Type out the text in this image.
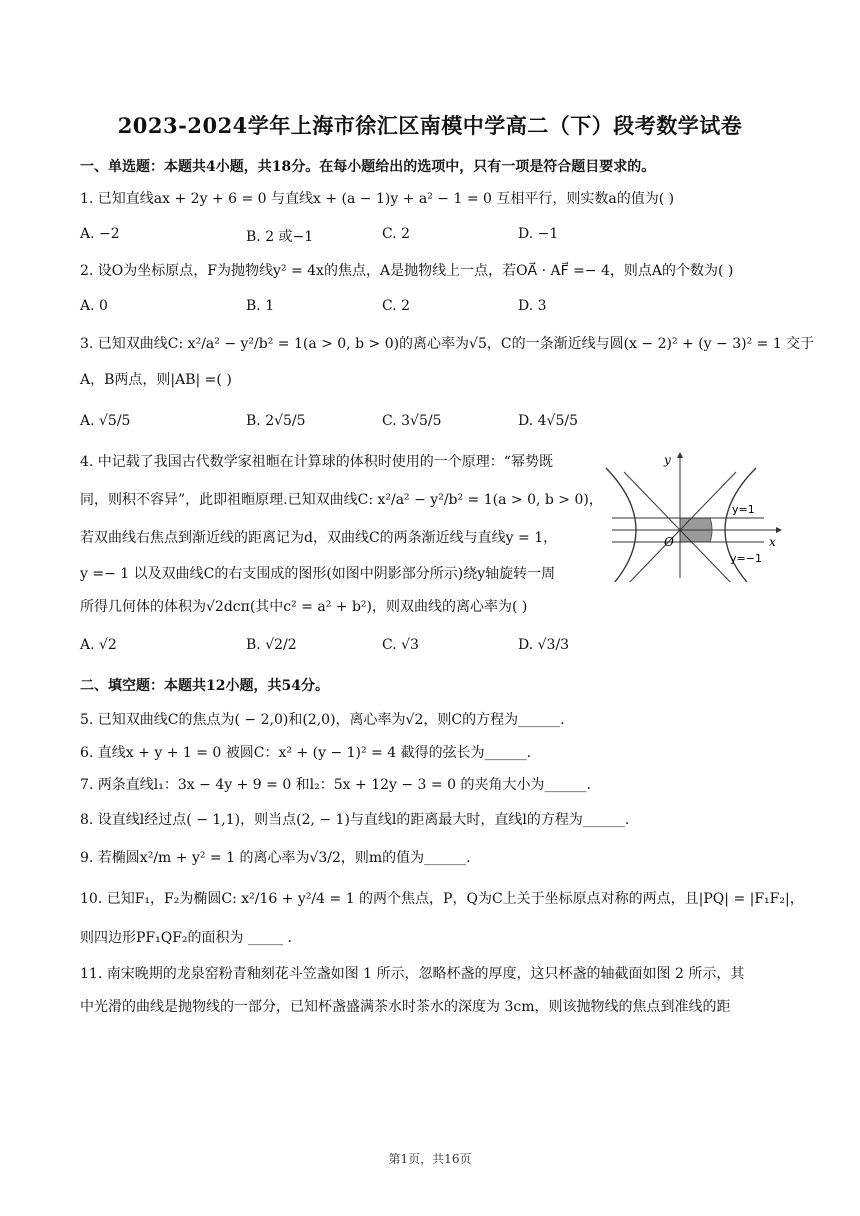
2023-2024学年上海市徐汇区南模中学高二（下）段考数学试卷
一、单选题：本题共4小题，共18分。在每小题给出的选项中，只有一项是符合题目要求的。
1. 已知直线ax + 2y + 6 = 0 与直线x + (a − 1)y + a² − 1 = 0 互相平行，则实数a的值为( )
A. −2	B. 2 或−1	C. 2	D. −1
2. 设O为坐标原点，F为抛物线y² = 4x的焦点，A是抛物线上一点，若OA⃗ · AF⃗ =− 4，则点A的个数为( )
A. 0	B. 1	C. 2	D. 3
3. 已知双曲线C: x²/a² − y²/b² = 1(a > 0, b > 0)的离心率为√5，C的一条渐近线与圆(x − 2)² + (y − 3)² = 1 交于
A，B两点，则|AB| =( )
A. √5/5	B. 2√5/5	C. 3√5/5	D. 4√5/5
4. 中记载了我国古代数学家祖暅在计算球的体积时使用的一个原理：“幂势既
同，则积不容异”，此即祖暅原理.已知双曲线C: x²/a² − y²/b² = 1(a > 0, b > 0)，
若双曲线右焦点到渐近线的距离记为d，双曲线C的两条渐近线与直线y = 1，
y =− 1 以及双曲线C的右支围成的图形(如图中阴影部分所示)绕y轴旋转一周
所得几何体的体积为√2dcπ(其中c² = a² + b²)，则双曲线的离心率为( )
A. √2	B. √2/2	C. √3	D. √3/3
y
x
O
y=1
y=−1
二、填空题：本题共12小题，共54分。
5. 已知双曲线C的焦点为( − 2,0)和(2,0)，离心率为√2，则C的方程为______.
6. 直线x + y + 1 = 0 被圆C：x² + (y − 1)² = 4 截得的弦长为______.
7. 两条直线l₁：3x − 4y + 9 = 0 和l₂：5x + 12y − 3 = 0 的夹角大小为______.
8. 设直线l经过点( − 1,1)，则当点(2, − 1)与直线l的距离最大时，直线l的方程为______.
9. 若椭圆x²/m + y² = 1 的离心率为√3/2，则m的值为______.
10. 已知F₁，F₂为椭圆C: x²/16 + y²/4 = 1 的两个焦点，P，Q为C上关于坐标原点对称的两点，且|PQ| = |F₁F₂|，
则四边形PF₁QF₂的面积为 _____ .
11. 南宋晚期的龙泉窑粉青釉刻花斗笠盏如图 1 所示，忽略杯盏的厚度，这只杯盏的轴截面如图 2 所示，其
中光滑的曲线是抛物线的一部分，已知杯盏盛满茶水时茶水的深度为 3cm，则该抛物线的焦点到准线的距
第1页，共16页
